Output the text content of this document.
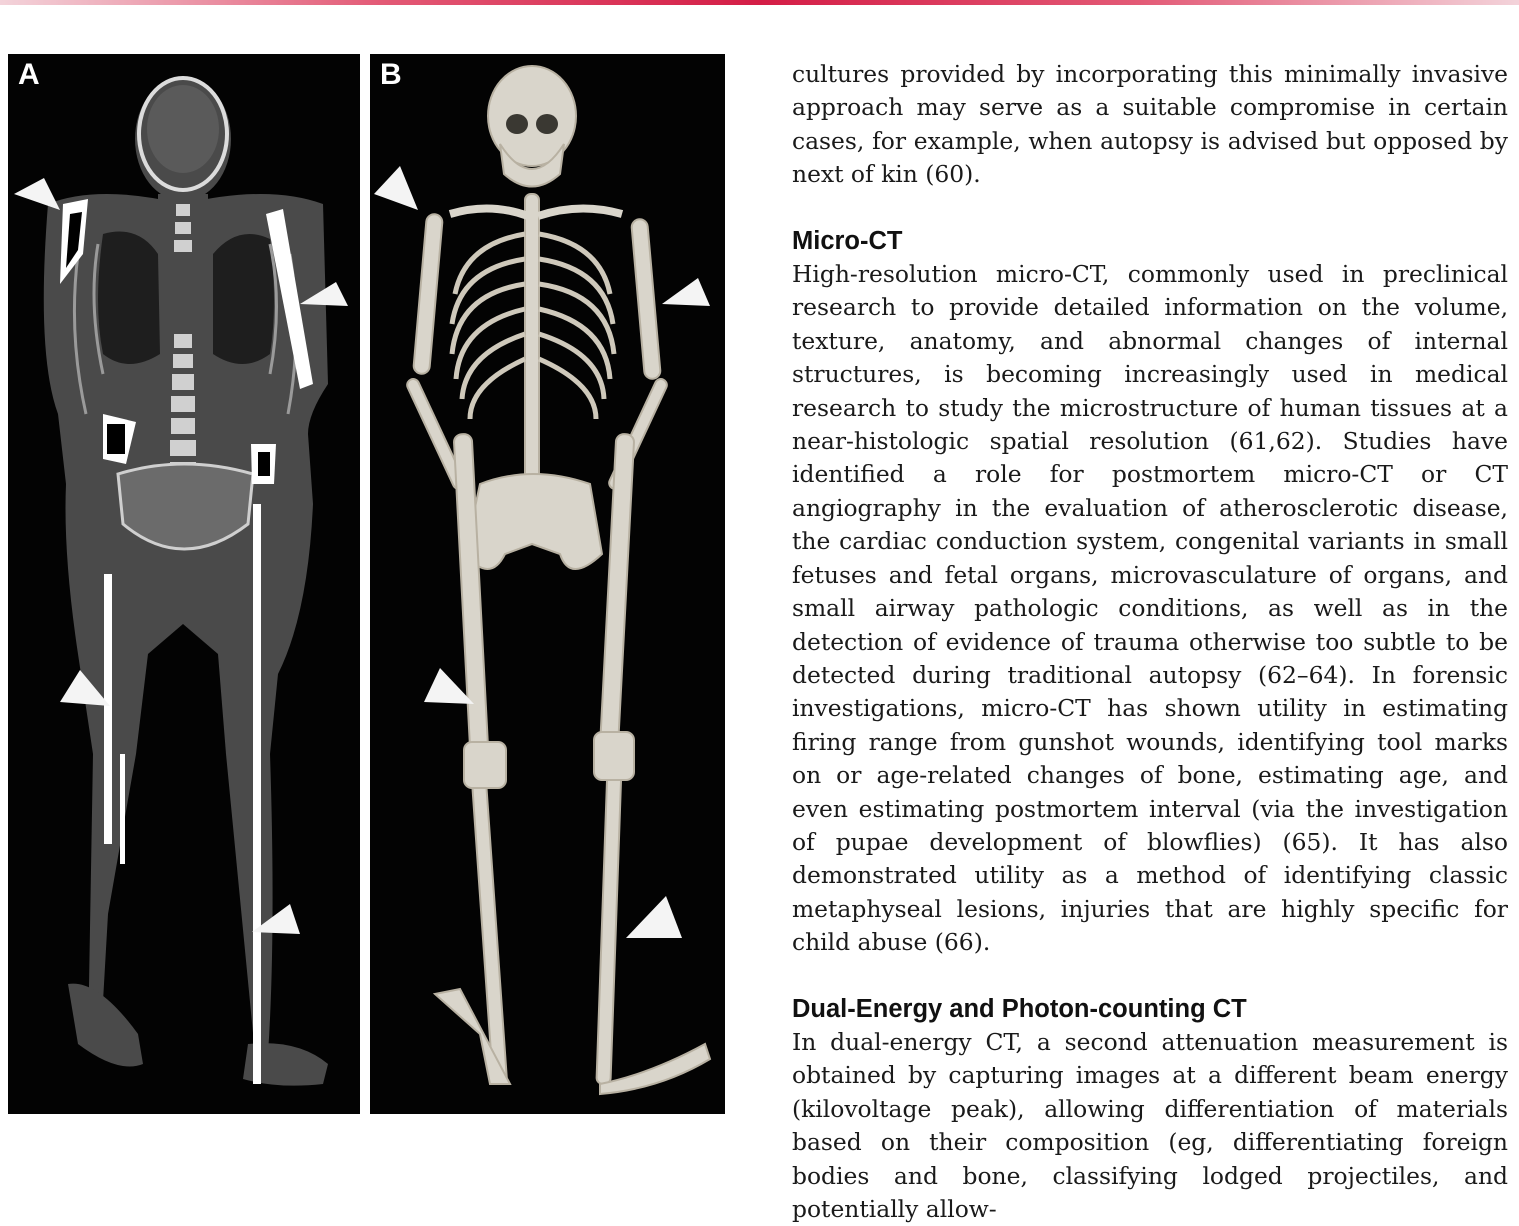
A	B	cultures provided by incorporating this minimally invasive approach may serve as a suitable compromise in certain cases, for example, when autopsy is advised but opposed by next of kin (60).

Micro-CT

High-resolution micro-CT, commonly used in preclinical research to provide detailed information on the volume, texture, anatomy, and abnormal changes of internal structures, is becoming increasingly used in medical research to study the microstructure of human tissues at a near-histologic spatial resolution (61,62). Studies have identified a role for postmortem micro-CT or CT angiography in the evaluation of atherosclerotic disease, the cardiac conduction system, congenital variants in small fetuses and fetal organs, microvasculature of organs, and small airway pathologic conditions, as well as in the detection of evidence of trauma otherwise too subtle to be detected during traditional autopsy (62–64). In forensic investigations, micro-CT has shown utility in estimating firing range from gunshot wounds, identifying tool marks on or age-related changes of bone, estimating age, and even estimating postmortem interval (via the investigation of pupae development of blowflies) (65). It has also demonstrated utility as a method of identifying classic metaphyseal lesions, injuries that are highly specific for child abuse (66).

Dual-Energy and Photon-counting CT

In dual-energy CT, a second attenuation measurement is obtained by capturing images at a different beam energy (kilovoltage peak), allowing differentiation of materials based on their composition (eg, differentiating foreign bodies and bone, classifying lodged projectiles, and potentially allow-
